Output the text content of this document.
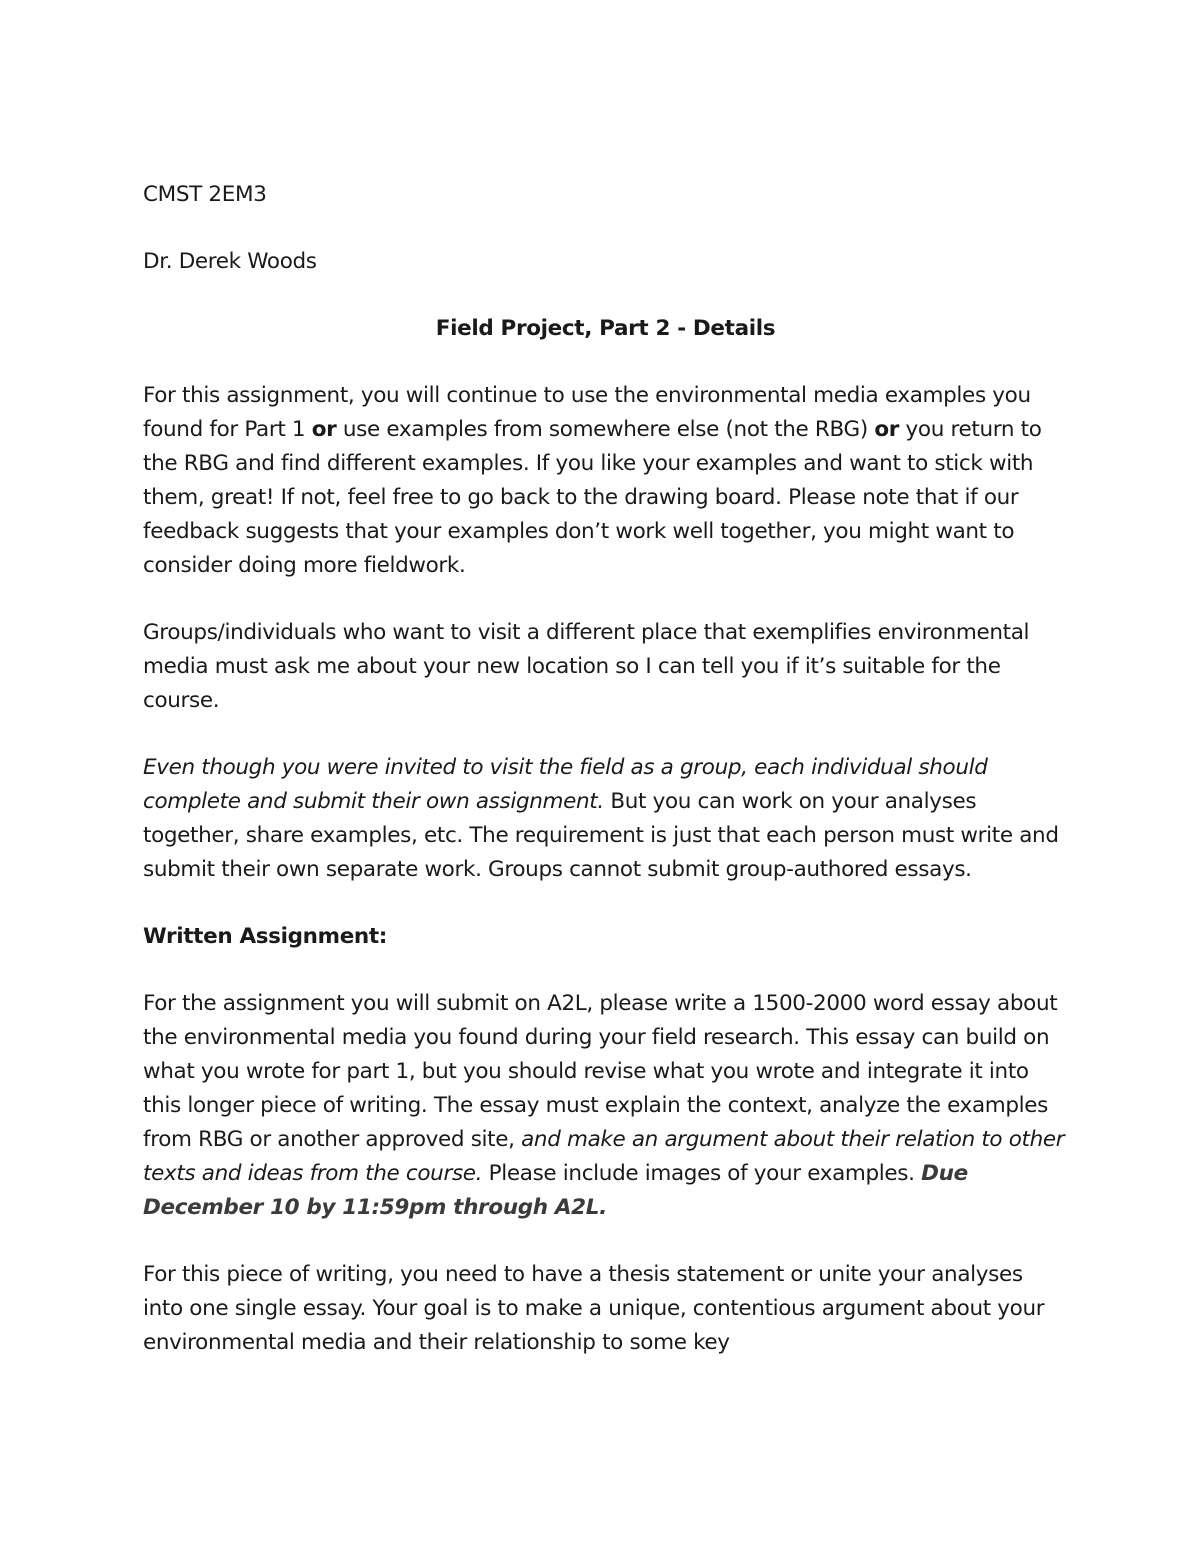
CMST 2EM3
Dr. Derek Woods
Field Project, Part 2 - Details

For this assignment, you will continue to use the environmental media examples you found for Part 1 or use examples from somewhere else (not the RBG) or you return to the RBG and find different examples. If you like your examples and want to stick with them, great! If not, feel free to go back to the drawing board. Please note that if our feedback suggests that your examples don’t work well together, you might want to consider doing more fieldwork.

Groups/individuals who want to visit a different place that exemplifies environmental media must ask me about your new location so I can tell you if it’s suitable for the course.

Even though you were invited to visit the field as a group, each individual should complete and submit their own assignment. But you can work on your analyses together, share examples, etc. The requirement is just that each person must write and submit their own separate work. Groups cannot submit group-authored essays.

Written Assignment:

For the assignment you will submit on A2L, please write a 1500-2000 word essay about the environmental media you found during your field research. This essay can build on what you wrote for part 1, but you should revise what you wrote and integrate it into this longer piece of writing. The essay must explain the context, analyze the examples from RBG or another approved site, and make an argument about their relation to other texts and ideas from the course. Please include images of your examples. Due December 10 by 11:59pm through A2L.

For this piece of writing, you need to have a thesis statement or unite your analyses into one single essay. Your goal is to make a unique, contentious argument about your environmental media and their relationship to some key
